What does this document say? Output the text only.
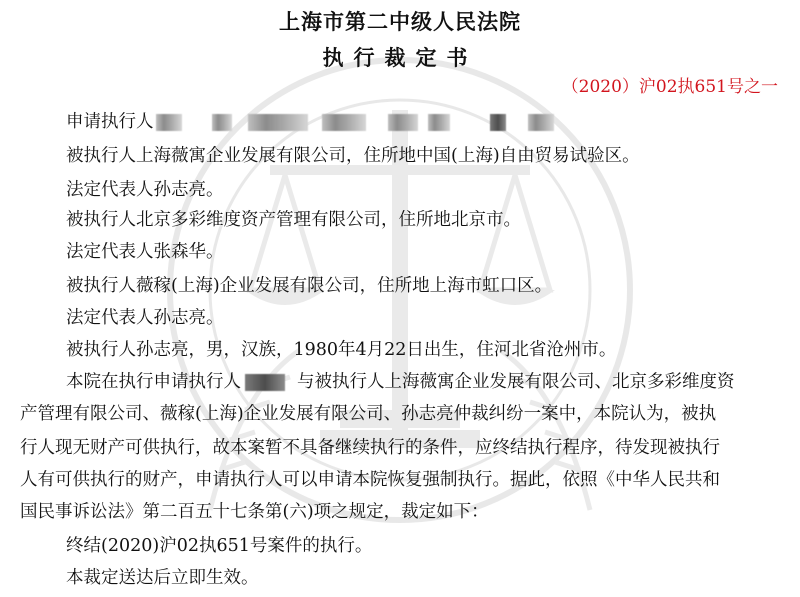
上海市第二中级人民法院
执行裁定书
（2020）沪02执651号之一
申请执行人
被执行人上海薇寓企业发展有限公司，住所地中国(上海)自由贸易试验区。
法定代表人孙志亮。
被执行人北京多彩维度资产管理有限公司，住所地北京市。
法定代表人张森华。
被执行人薇稼(上海)企业发展有限公司，住所地上海市虹口区。
法定代表人孙志亮。
被执行人孙志亮，男，汉族，1980年4月22日出生，住河北省沧州市。
本院在执行申请执行人	与被执行人上海薇寓企业发展有限公司、北京多彩维度资
产管理有限公司、薇稼(上海)企业发展有限公司、孙志亮仲裁纠纷一案中，本院认为，被执
行人现无财产可供执行，故本案暂不具备继续执行的条件，应终结执行程序，待发现被执行
人有可供执行的财产，申请执行人可以申请本院恢复强制执行。据此，依照《中华人民共和
国民事诉讼法》第二百五十七条第(六)项之规定，裁定如下：
终结(2020)沪02执651号案件的执行。
本裁定送达后立即生效。
